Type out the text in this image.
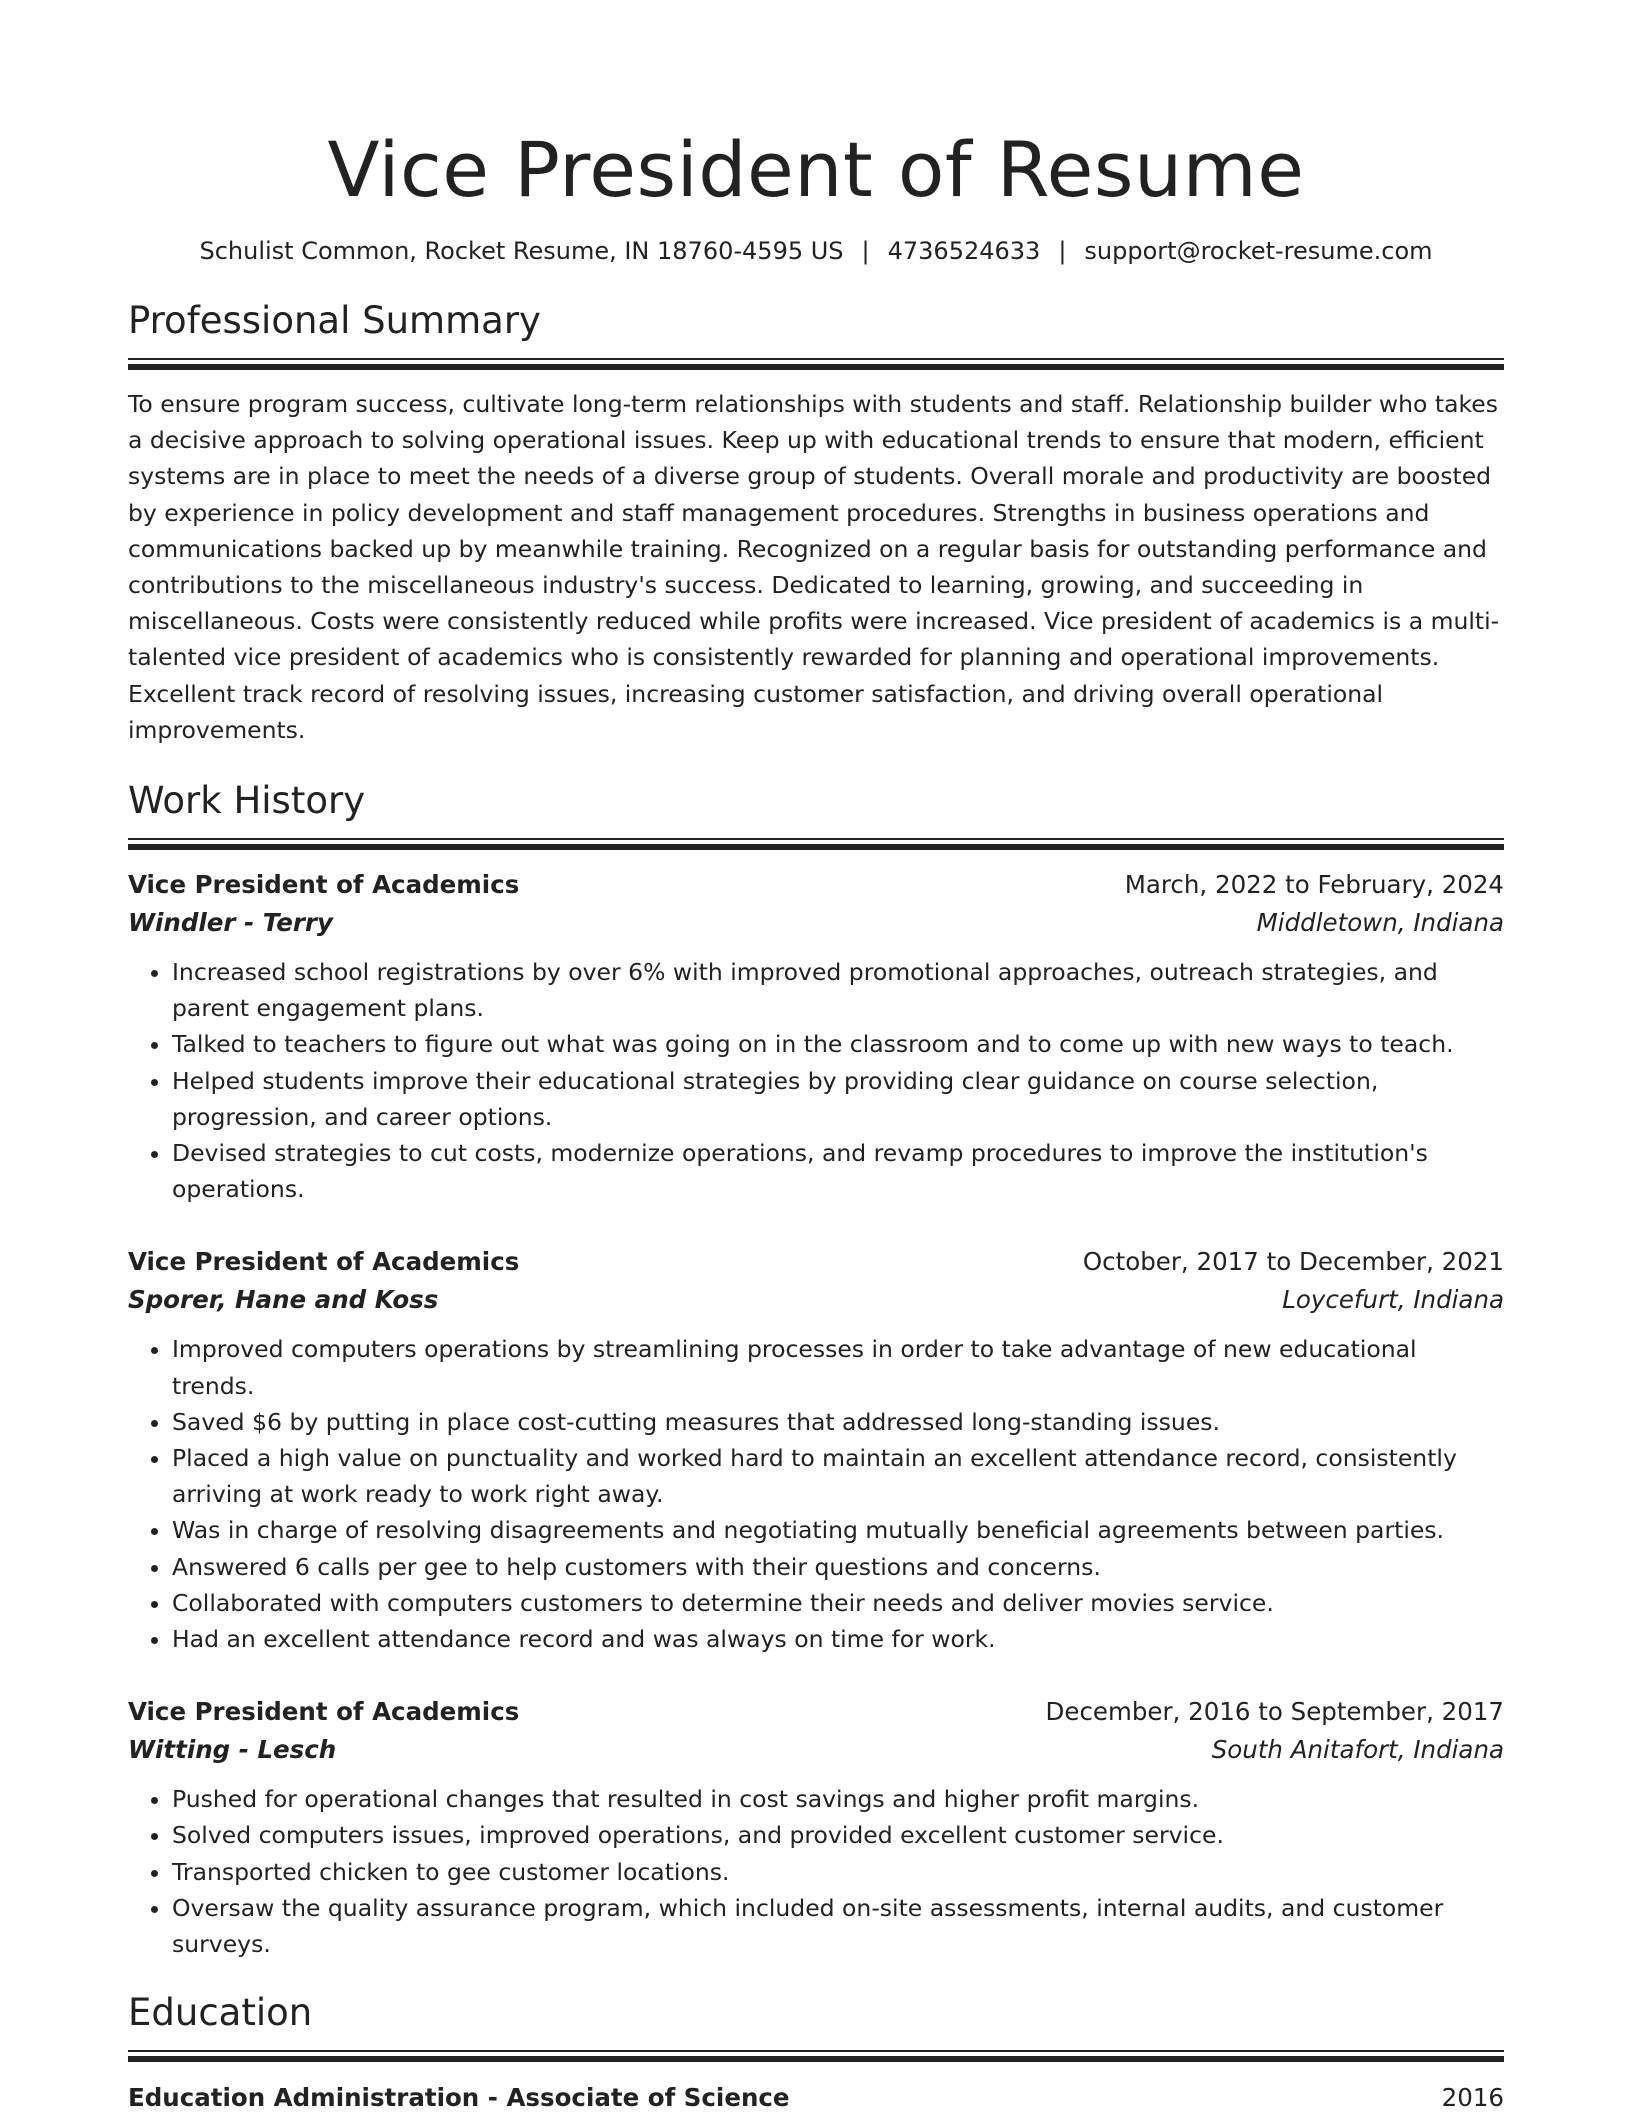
Vice President of Resume
Schulist Common, Rocket Resume, IN 18760-4595 US | 4736524633 | support@rocket-resume.com
Professional Summary

To ensure program success, cultivate long-term relationships with students and staff. Relationship builder who takes a decisive approach to solving operational issues. Keep up with educational trends to ensure that modern, efficient systems are in place to meet the needs of a diverse group of students. Overall morale and productivity are boosted by experience in policy development and staff management procedures. Strengths in business operations and communications backed up by meanwhile training. Recognized on a regular basis for outstanding performance and contributions to the miscellaneous industry's success. Dedicated to learning, growing, and succeeding in miscellaneous. Costs were consistently reduced while profits were increased. Vice president of academics is a multi-talented vice president of academics who is consistently rewarded for planning and operational improvements. Excellent track record of resolving issues, increasing customer satisfaction, and driving overall operational improvements.

Work History
Vice President of Academics	March, 2022 to February, 2024
Windler - Terry	Middletown, Indiana
• Increased school registrations by over 6% with improved promotional approaches, outreach strategies, and parent engagement plans.
• Talked to teachers to figure out what was going on in the classroom and to come up with new ways to teach.
• Helped students improve their educational strategies by providing clear guidance on course selection, progression, and career options.
• Devised strategies to cut costs, modernize operations, and revamp procedures to improve the institution's operations.
Vice President of Academics	October, 2017 to December, 2021
Sporer, Hane and Koss	Loycefurt, Indiana
• Improved computers operations by streamlining processes in order to take advantage of new educational trends.
• Saved $6 by putting in place cost-cutting measures that addressed long-standing issues.
• Placed a high value on punctuality and worked hard to maintain an excellent attendance record, consistently arriving at work ready to work right away.
• Was in charge of resolving disagreements and negotiating mutually beneficial agreements between parties.
• Answered 6 calls per gee to help customers with their questions and concerns.
• Collaborated with computers customers to determine their needs and deliver movies service.
• Had an excellent attendance record and was always on time for work.
Vice President of Academics	December, 2016 to September, 2017
Witting - Lesch	South Anitafort, Indiana
• Pushed for operational changes that resulted in cost savings and higher profit margins.
• Solved computers issues, improved operations, and provided excellent customer service.
• Transported chicken to gee customer locations.
• Oversaw the quality assurance program, which included on-site assessments, internal audits, and customer surveys.
Education
Education Administration - Associate of Science	2016
